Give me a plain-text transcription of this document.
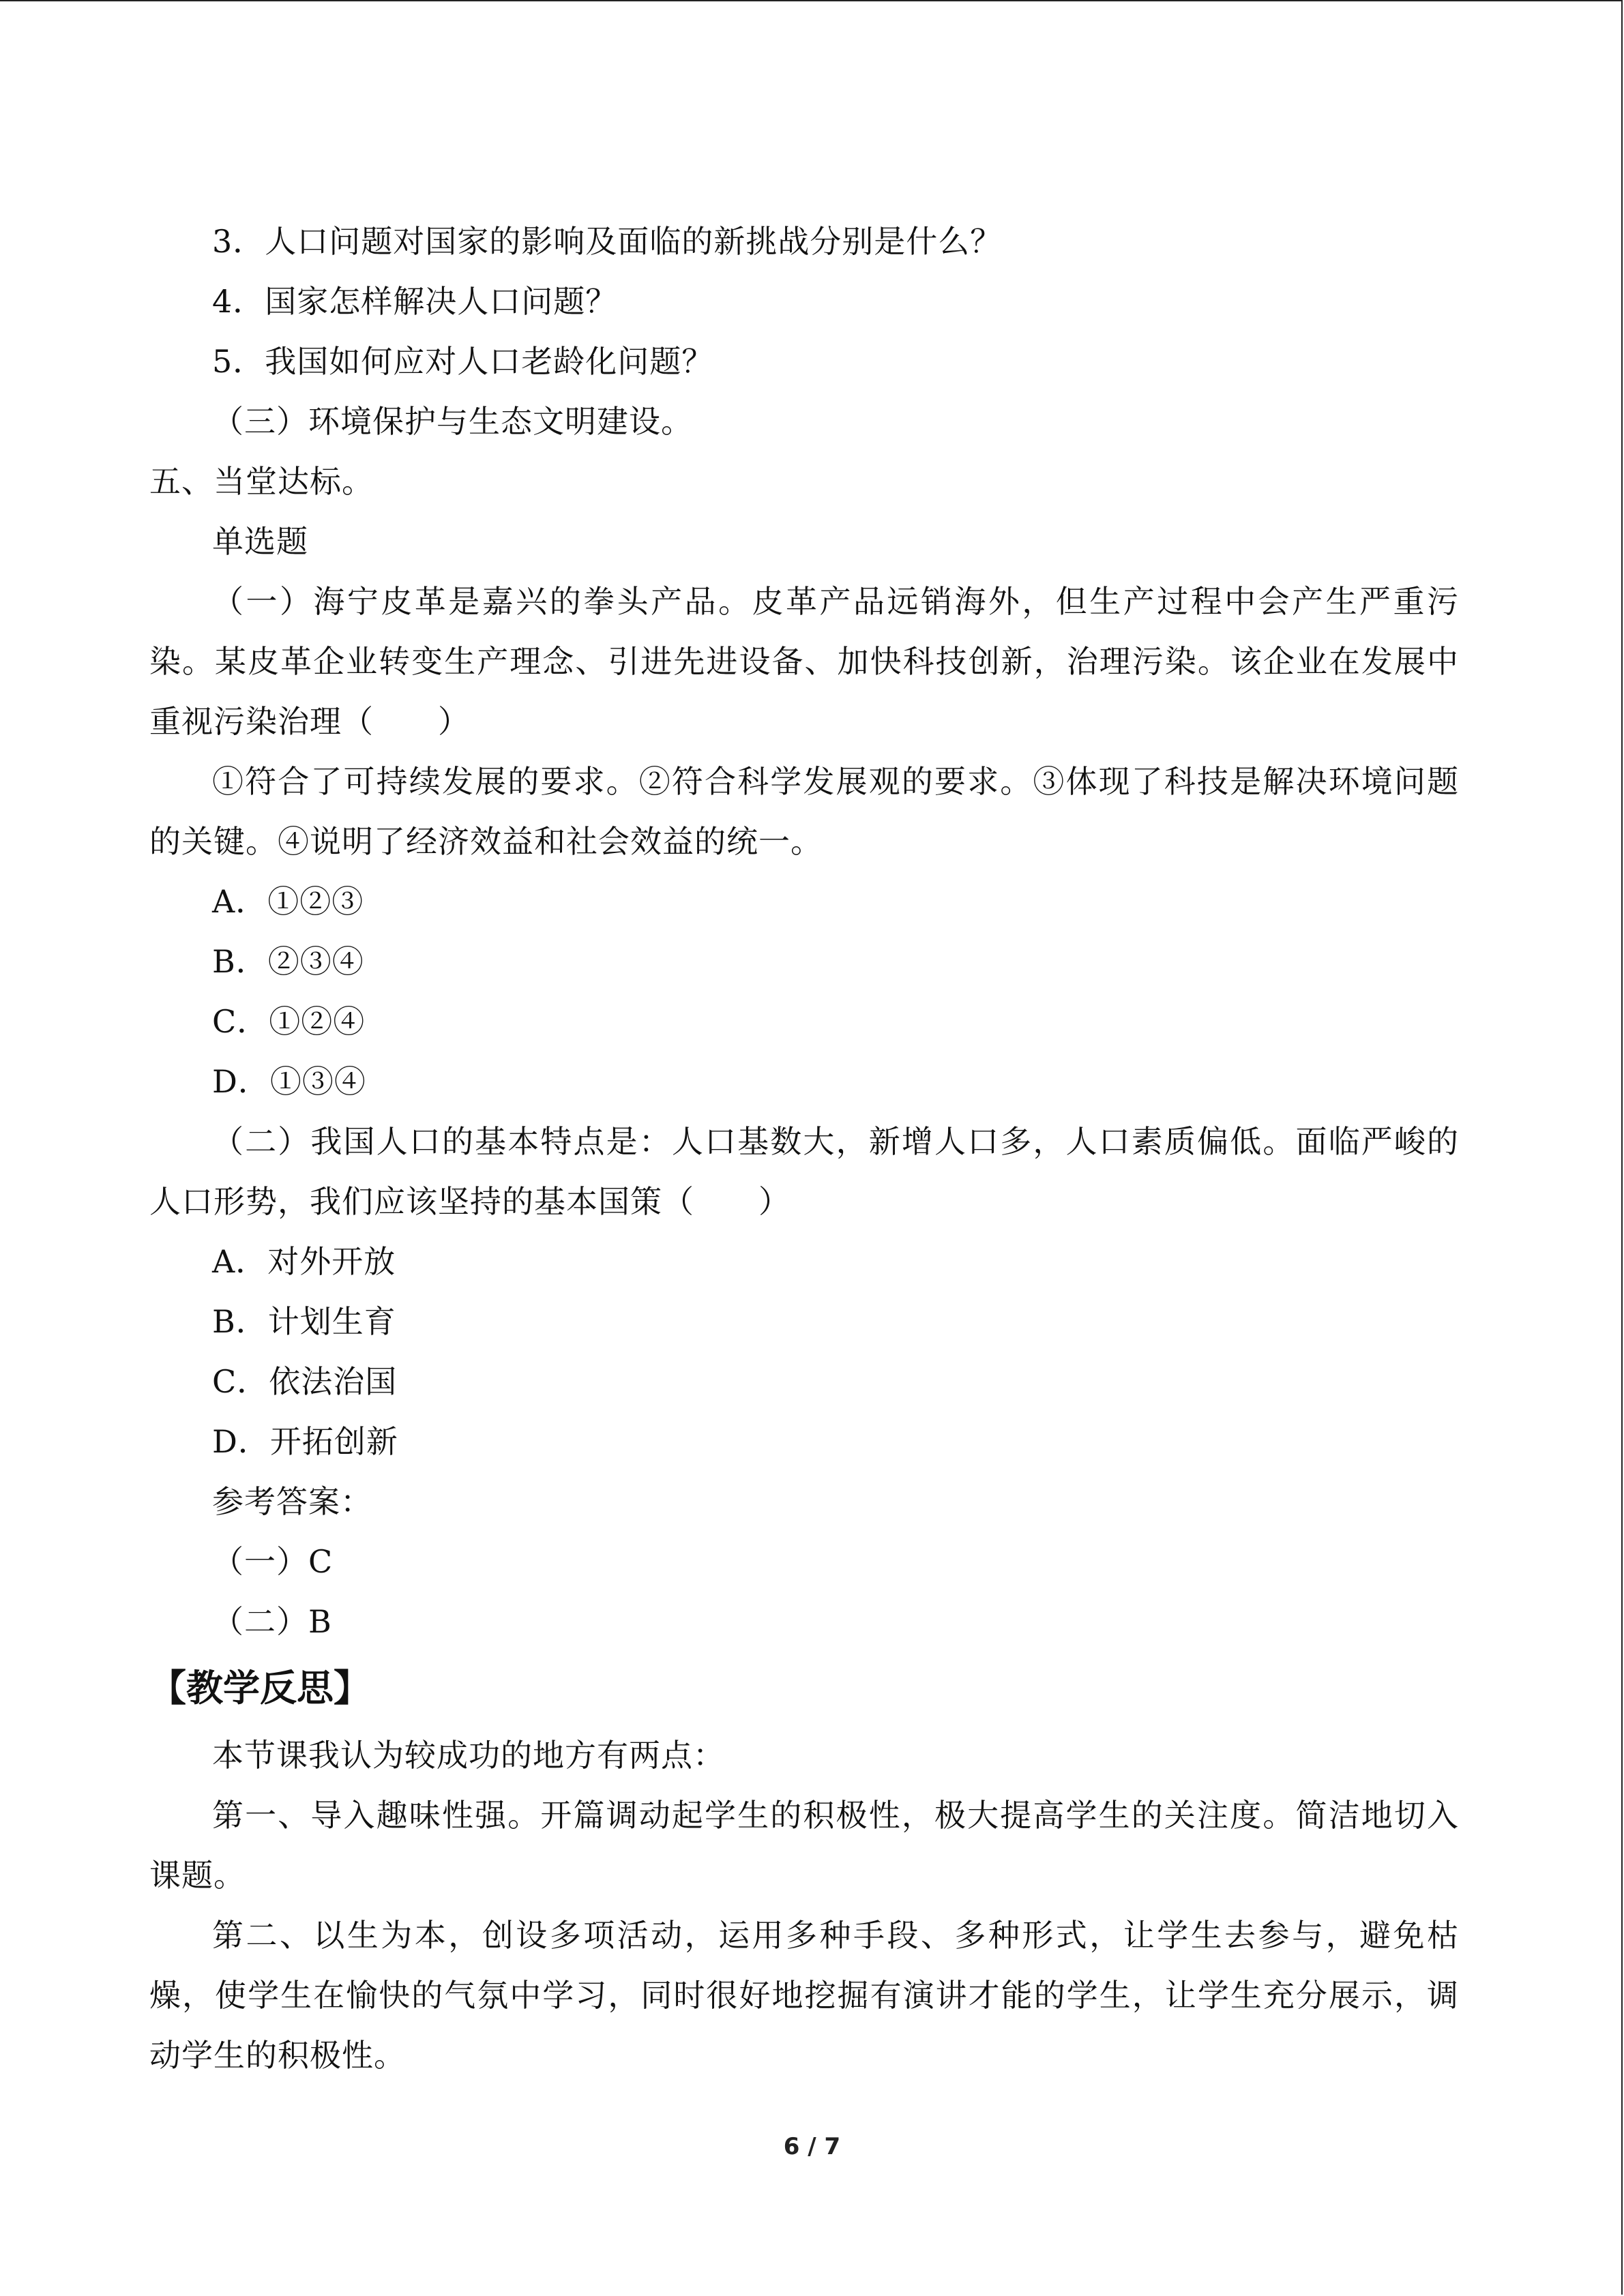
3．人口问题对国家的影响及面临的新挑战分别是什么？
4．国家怎样解决人口问题？
5．我国如何应对人口老龄化问题？
（三）环境保护与生态文明建设。
五、当堂达标。
单选题

（一）海宁皮革是嘉兴的拳头产品。皮革产品远销海外，但生产过程中会产生严重污染。某皮革企业转变生产理念、引进先进设备、加快科技创新，治理污染。该企业在发展中重视污染治理（　　）

①符合了可持续发展的要求。②符合科学发展观的要求。③体现了科技是解决环境问题的关键。④说明了经济效益和社会效益的统一。

A．①②③
B．②③④
C．①②④
D．①③④

（二）我国人口的基本特点是：人口基数大，新增人口多，人口素质偏低。面临严峻的人口形势，我们应该坚持的基本国策（　　）

A．对外开放
B．计划生育
C．依法治国
D．开拓创新
参考答案：
（一）C
（二）B
【教学反思】
本节课我认为较成功的地方有两点：

第一、导入趣味性强。开篇调动起学生的积极性，极大提高学生的关注度。简洁地切入课题。

第二、以生为本，创设多项活动，运用多种手段、多种形式，让学生去参与，避免枯燥，使学生在愉快的气氛中学习，同时很好地挖掘有演讲才能的学生，让学生充分展示，调动学生的积极性。

6 / 7
